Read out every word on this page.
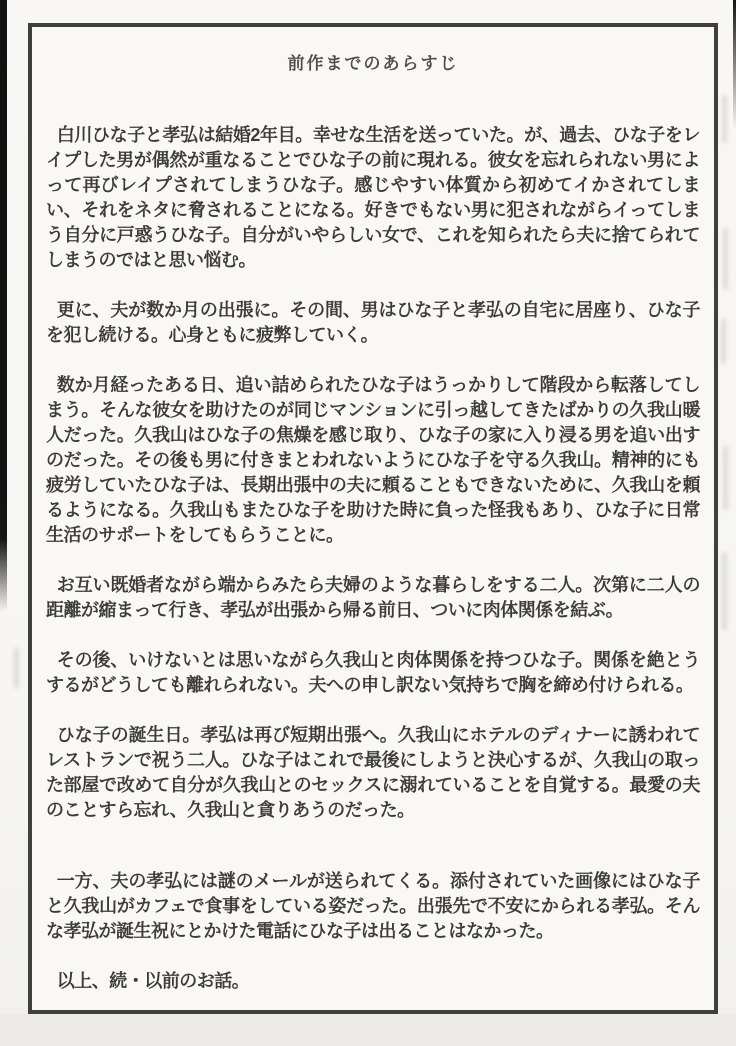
前作までのあらすじ

白川ひな子と孝弘は結婚2年目。幸せな生活を送っていた。が、過去、ひな子をレイプした男が偶然が重なることでひな子の前に現れる。彼女を忘れられない男によって再びレイプされてしまうひな子。感じやすい体質から初めてイかされてしまい、それをネタに脅されることになる。好きでもない男に犯されながらイってしまう自分に戸惑うひな子。自分がいやらしい女で、これを知られたら夫に捨てられてしまうのではと思い悩む。

更に、夫が数か月の出張に。その間、男はひな子と孝弘の自宅に居座り、ひな子を犯し続ける。心身ともに疲弊していく。

数か月経ったある日、追い詰められたひな子はうっかりして階段から転落してしまう。そんな彼女を助けたのが同じマンションに引っ越してきたばかりの久我山暖人だった。久我山はひな子の焦燥を感じ取り、ひな子の家に入り浸る男を追い出すのだった。その後も男に付きまとわれないようにひな子を守る久我山。精神的にも疲労していたひな子は、長期出張中の夫に頼ることもできないために、久我山を頼るようになる。久我山もまたひな子を助けた時に負った怪我もあり、ひな子に日常生活のサポートをしてもらうことに。

お互い既婚者ながら端からみたら夫婦のような暮らしをする二人。次第に二人の距離が縮まって行き、孝弘が出張から帰る前日、ついに肉体関係を結ぶ。

その後、いけないとは思いながら久我山と肉体関係を持つひな子。関係を絶とうするがどうしても離れられない。夫への申し訳ない気持ちで胸を締め付けられる。

ひな子の誕生日。孝弘は再び短期出張へ。久我山にホテルのディナーに誘われてレストランで祝う二人。ひな子はこれで最後にしようと決心するが、久我山の取った部屋で改めて自分が久我山とのセックスに溺れていることを自覚する。最愛の夫のことすら忘れ、久我山と貪りあうのだった。

一方、夫の孝弘には謎のメールが送られてくる。添付されていた画像にはひな子と久我山がカフェで食事をしている姿だった。出張先で不安にかられる孝弘。そんな孝弘が誕生祝にとかけた電話にひな子は出ることはなかった。

以上、続・以前のお話。
